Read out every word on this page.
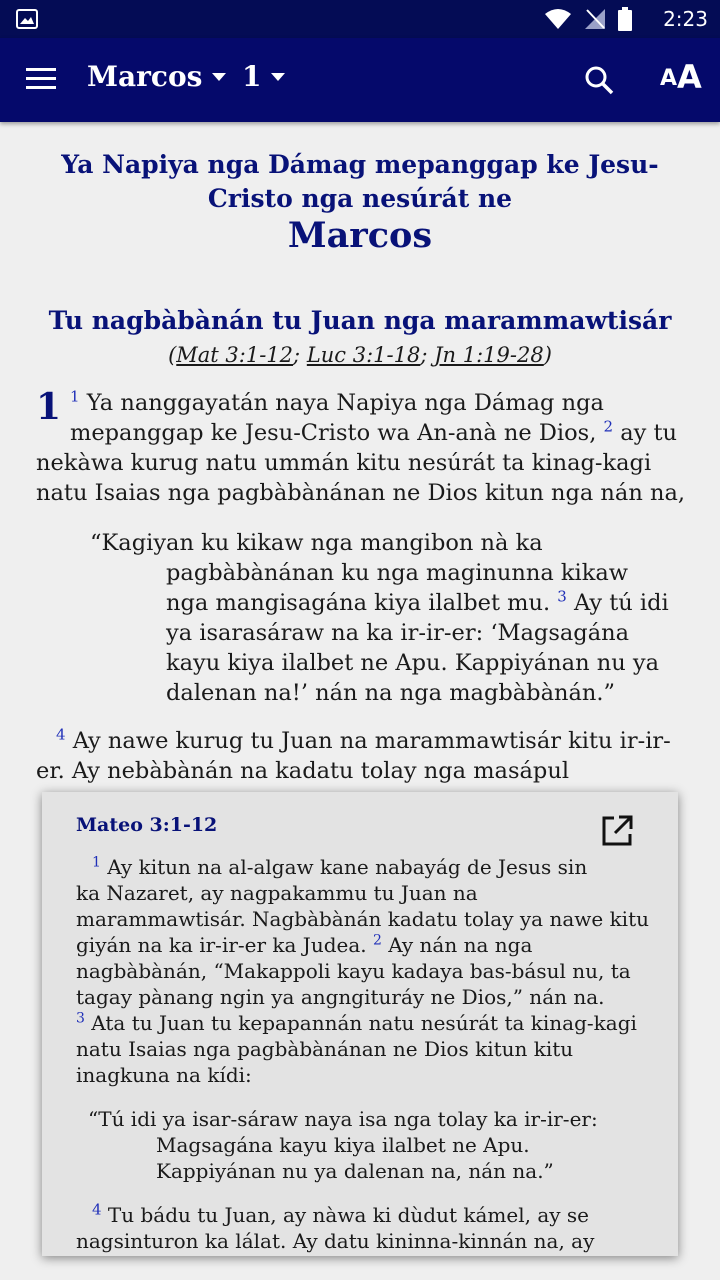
2:23
Marcos 1	A A
Ya Napiya nga Dámag mepanggap ke Jesu-
Cristo nga nesúrát ne
Marcos
Tu nagbàbànán tu Juan nga marammawtisár
(Mat 3:1-12; Luc 3:1-18; Jn 1:19-28)
1 $^1$ Ya nanggayatán naya Napiya nga Dámag nga
mepanggap ke Jesu-Cristo wa An-anà ne Dios, $^2$ ay tu
nekàwa kurug natu ummán kitu nesúrát ta kinag-kagi
natu Isaias nga pagbàbànánan ne Dios kitun nga nán na,
“Kagiyan ku kikaw nga mangibon nà ka
pagbàbànánan ku nga maginunna kikaw
nga mangisagána kiya ilalbet mu. $^3$ Ay tú idi
ya isarasáraw na ka ir-ir-er: ‘Magsagána
kayu kiya ilalbet ne Apu. Kappiyánan nu ya
dalenan na!’ nán na nga magbàbànán.”
$^4$ Ay nawe kurug tu Juan na marammawtisár kitu ir-ir-
er. Ay nebàbànán na kadatu tolay nga masápul
Mateo 3:1-12
$^1$ Ay kitun na al-algaw kane nabayág de Jesus sin
ka Nazaret, ay nagpakammu tu Juan na
marammawtisár. Nagbàbànán kadatu tolay ya nawe kitu
giyán na ka ir-ir-er ka Judea. $^2$ Ay nán na nga
nagbàbànán, “Makappoli kayu kadaya bas-básul nu, ta
tagay pànang ngin ya angngituráy ne Dios,” nán na.
$^3$ Ata tu Juan tu kepapannán natu nesúrát ta kinag-kagi
natu Isaias nga pagbàbànánan ne Dios kitun kitu
inagkuna na kídi:
“Tú idi ya isar-sáraw naya isa nga tolay ka ir-ir-er:
Magsagána kayu kiya ilalbet ne Apu.
Kappiyánan nu ya dalenan na, nán na.”
$^4$ Tu bádu tu Juan, ay nàwa ki dùdut kámel, ay se
nagsinturon ka lálat. Ay datu kininna-kinnán na, ay
